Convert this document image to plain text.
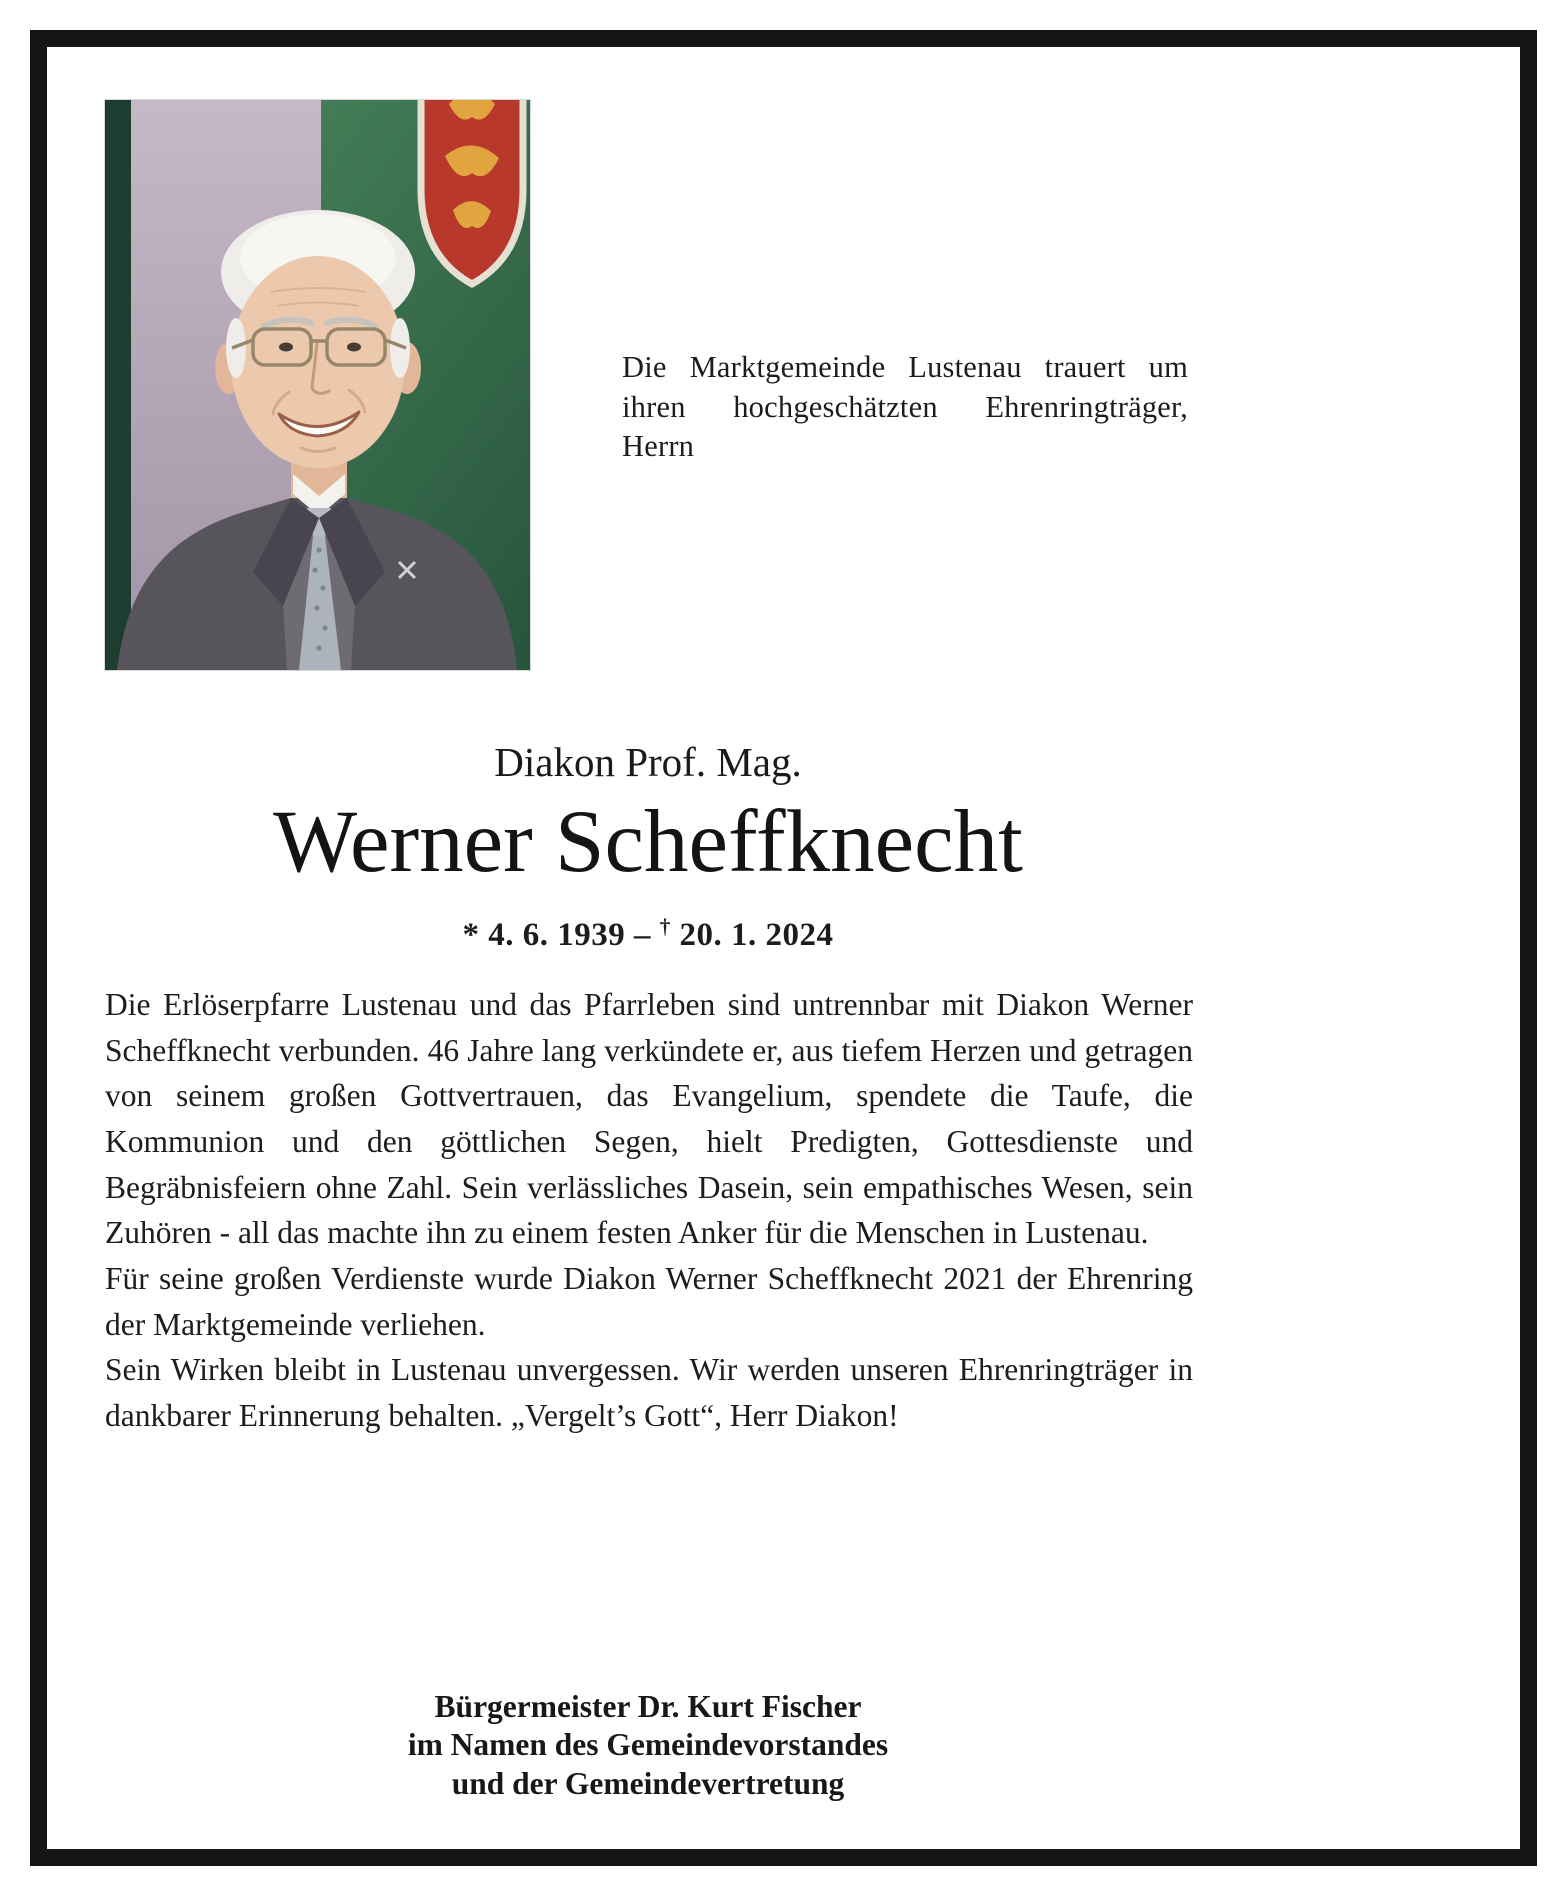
Die Marktgemeinde Lustenau trauert um ihren hochgeschätzten Ehrenringträger, Herrn
Diakon Prof. Mag.
Werner Scheffknecht
* 4. 6. 1939 – † 20. 1. 2024

Die Erlöserpfarre Lustenau und das Pfarrleben sind untrennbar mit Diakon Werner Scheffknecht verbunden. 46 Jahre lang verkündete er, aus tiefem Herzen und getragen von seinem großen Gottvertrauen, das Evangelium, spendete die Taufe, die Kommunion und den göttlichen Segen, hielt Predigten, Gottesdienste und Begräbnisfeiern ohne Zahl. Sein verlässliches Dasein, sein empathisches Wesen, sein Zuhören - all das machte ihn zu einem festen Anker für die Menschen in Lustenau.

Für seine großen Verdienste wurde Diakon Werner Scheffknecht 2021 der Ehrenring der Marktgemeinde verliehen.

Sein Wirken bleibt in Lustenau unvergessen. Wir werden unseren Ehrenringträger in dankbarer Erinnerung behalten. „Vergelt’s Gott“, Herr Diakon!

Bürgermeister Dr. Kurt Fischer
im Namen des Gemeindevorstandes
und der Gemeindevertretung
